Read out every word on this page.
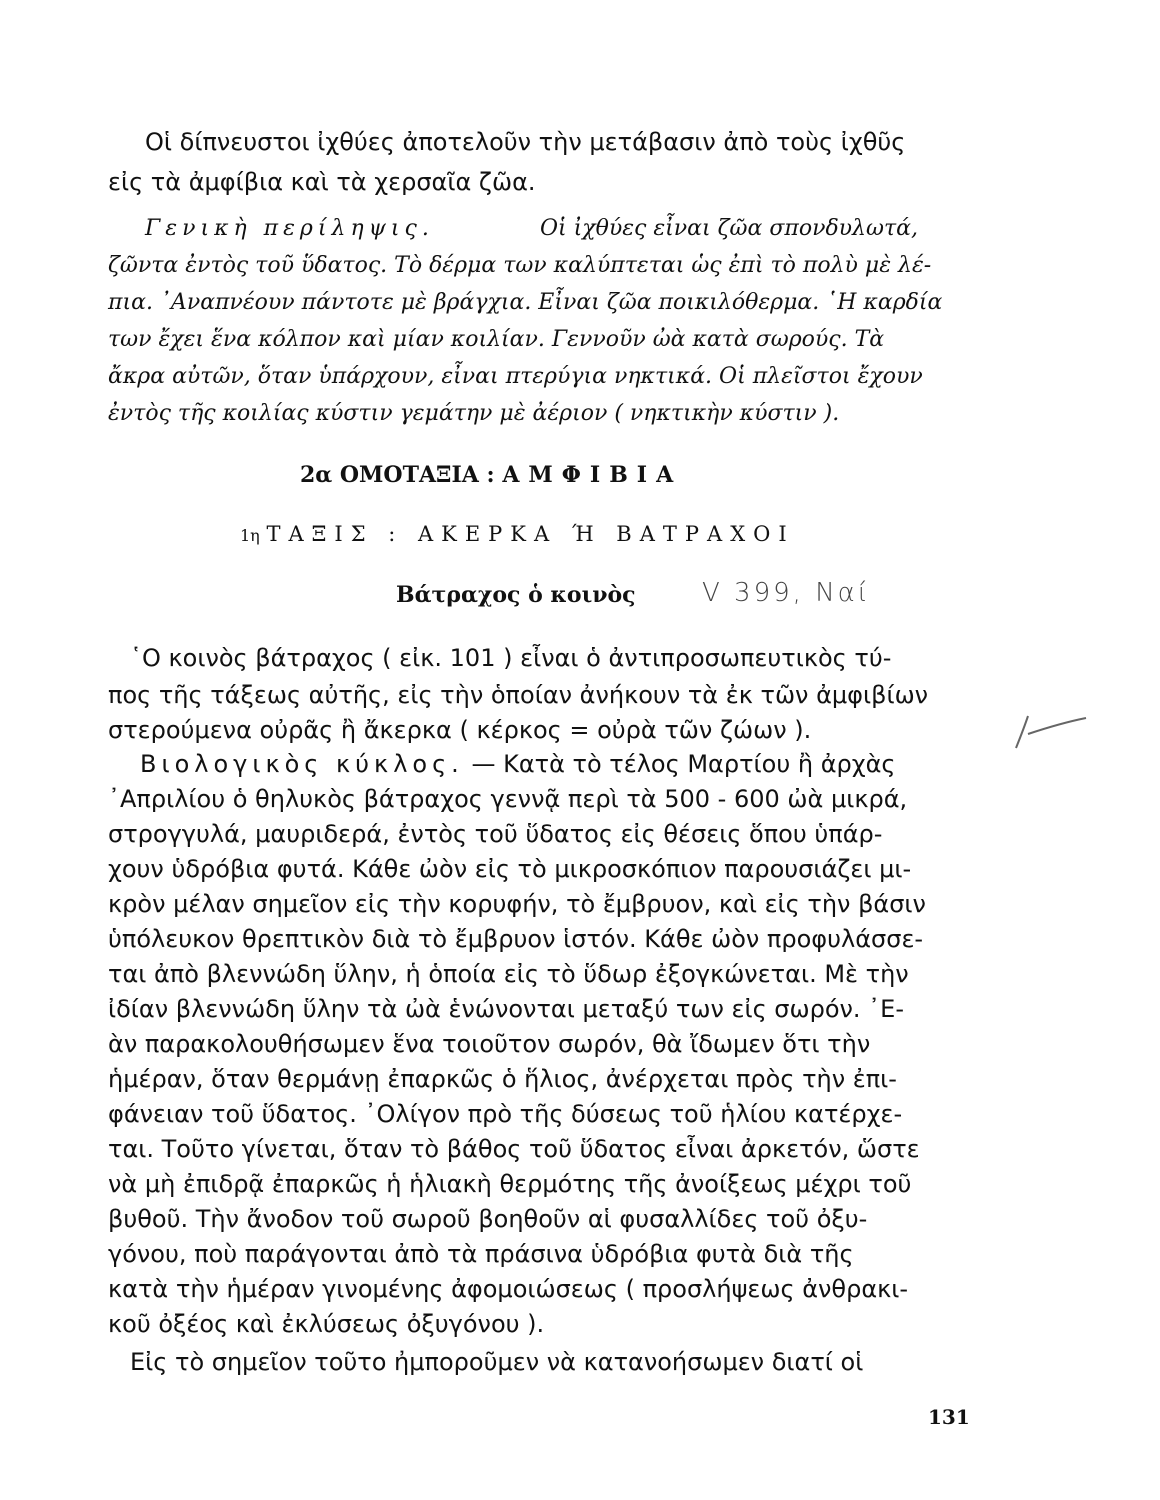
Οἱ δίπνευστοι ἰχθύες ἀποτελοῦν τὴν μετάβασιν ἀπὸ τοὺς ἰχθῦς

εἰς τὰ ἀμφίβια καὶ τὰ χερσαῖα ζῶα.

Γενικὴ περίληψις.	Οἱ ἰχθύες εἶναι ζῶα σπονδυλωτά,

ζῶντα ἐντὸς τοῦ ὕδατος. Τὸ δέρμα των καλύπτεται ὡς ἐπὶ τὸ πολὺ μὲ λέ-

πια. ᾿Αναπνέουν πάντοτε μὲ βράγχια. Εἶναι ζῶα ποικιλόθερμα. ῾Η καρδία

των ἔχει ἕνα κόλπον καὶ μίαν κοιλίαν. Γεννοῦν ὠὰ κατὰ σωρούς. Τὰ

ἄκρα αὐτῶν, ὅταν ὑπάρχουν, εἶναι πτερύγια νηκτικά. Οἱ πλεῖστοι ἔχουν

ἐντὸς τῆς κοιλίας κύστιν γεμάτην μὲ ἀέριον ( νηκτικὴν κύστιν ).

2α ΟΜΟΤΑΞΙΑ : ΑΜΦΙΒΙΑ

1η ΤΑΞΙΣ : ΑΚΕΡΚΑ Ή ΒΑΤΡΑΧΟΙ

Βάτραχος ὁ κοινὸς	V 399, Ναί

῾Ο κοινὸς βάτραχος ( εἰκ. 101 ) εἶναι ὁ ἀντιπροσωπευτικὸς τύ-

πος τῆς τάξεως αὐτῆς, εἰς τὴν ὁποίαν ἀνήκουν τὰ ἐκ τῶν ἀμφιβίων

στερούμενα οὐρᾶς ἢ ἄκερκα ( κέρκος = οὐρὰ τῶν ζώων ).

Βιολογικὸς κύκλος. — Κατὰ τὸ τέλος Μαρτίου ἢ ἀρχὰς

᾿Απριλίου ὁ θηλυκὸς βάτραχος γεννᾷ περὶ τὰ 500 - 600 ὠὰ μικρά,

στρογγυλά, μαυριδερά, ἐντὸς τοῦ ὕδατος εἰς θέσεις ὅπου ὑπάρ-

χουν ὑδρόβια φυτά. Κάθε ὠὸν εἰς τὸ μικροσκόπιον παρουσιάζει μι-

κρὸν μέλαν σημεῖον εἰς τὴν κορυφήν, τὸ ἔμβρυον, καὶ εἰς τὴν βάσιν

ὑπόλευκον θρεπτικὸν διὰ τὸ ἔμβρυον ἱστόν. Κάθε ὠὸν προφυλάσσε-

ται ἀπὸ βλεννώδη ὕλην, ἡ ὁποία εἰς τὸ ὕδωρ ἐξογκώνεται. Μὲ τὴν

ἰδίαν βλεννώδη ὕλην τὰ ὠὰ ἑνώνονται μεταξύ των εἰς σωρόν. ᾿Ε-

ὰν παρακολουθήσωμεν ἕνα τοιοῦτον σωρόν, θὰ ἴδωμεν ὅτι τὴν

ἡμέραν, ὅταν θερμάνῃ ἐπαρκῶς ὁ ἥλιος, ἀνέρχεται πρὸς τὴν ἐπι-

φάνειαν τοῦ ὕδατος. ᾿Ολίγον πρὸ τῆς δύσεως τοῦ ἡλίου κατέρχε-

ται. Τοῦτο γίνεται, ὅταν τὸ βάθος τοῦ ὕδατος εἶναι ἀρκετόν, ὥστε

νὰ μὴ ἐπιδρᾷ ἐπαρκῶς ἡ ἡλιακὴ θερμότης τῆς ἀνοίξεως μέχρι τοῦ

βυθοῦ. Τὴν ἄνοδον τοῦ σωροῦ βοηθοῦν αἱ φυσαλλίδες τοῦ ὀξυ-

γόνου, ποὺ παράγονται ἀπὸ τὰ πράσινα ὑδρόβια φυτὰ διὰ τῆς

κατὰ τὴν ἡμέραν γινομένης ἀφομοιώσεως ( προσλήψεως ἀνθρακι-

κοῦ ὀξέος καὶ ἐκλύσεως ὀξυγόνου ).

Εἰς τὸ σημεῖον τοῦτο ἠμποροῦμεν νὰ κατανοήσωμεν διατί οἱ

131
